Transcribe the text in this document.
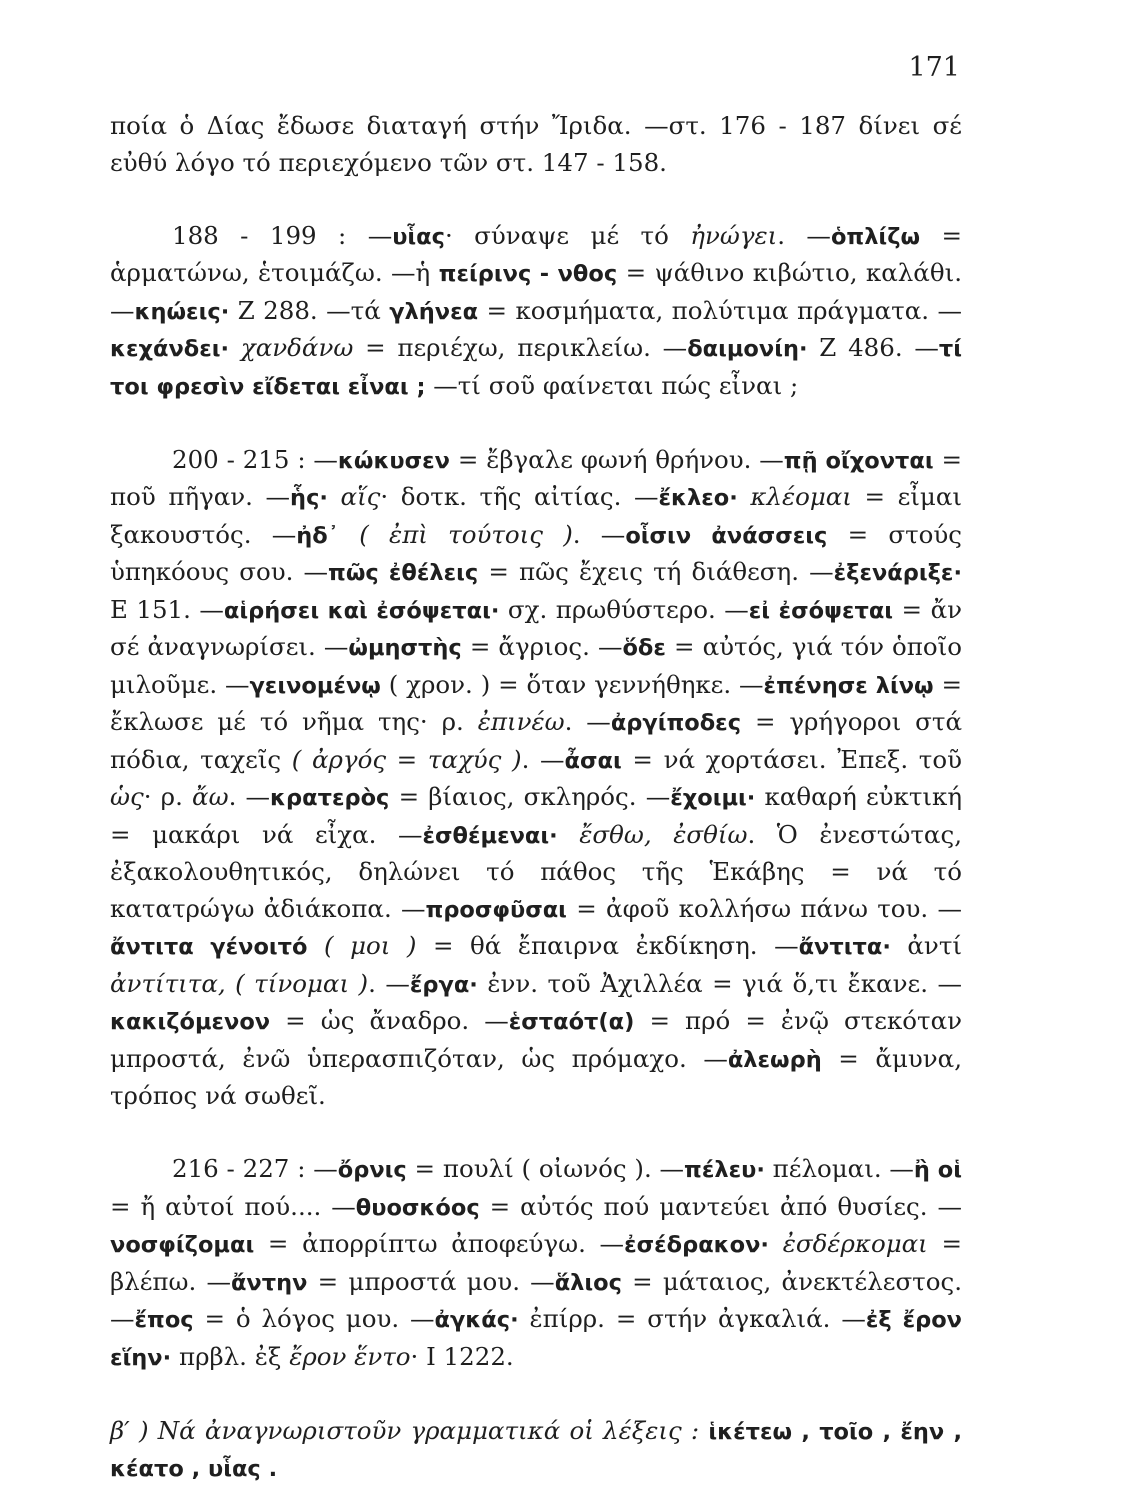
171

ποία ὁ Δίας ἔδωσε διαταγή στήν Ἴριδα. —στ. 176 - 187 δίνει σέ εὐθύ λόγο τό περιεχόμενο τῶν στ. 147 - 158.

188 - 199 : —υἷας· σύναψε μέ τό ἠνώγει. —ὁπλίζω = ἁρματώνω, ἑτοιμάζω. —ἡ πείρινς - νθος = ψάθινο κιβώτιο, καλάθι. —κηώεις· Ζ 288. —τά γλήνεα = κοσμήματα, πολύτιμα πράγματα. —κεχάνδει· χανδάνω = περιέχω, περικλείω. —δαιμονίη· Ζ 486. —τί τοι φρεσὶν εἴδεται εἶναι ; —τί σοῦ φαίνεται πώς εἶναι ;

200 - 215 : —κώκυσεν = ἔβγαλε φωνή θρήνου. —πῇ οἴχονται = ποῦ πῆγαν. —ἧς· αἵς· δοτκ. τῆς αἰτίας. —ἔκλεο· κλέομαι = εἶμαι ξακουστός. —ἠδ᾽ ( ἐπὶ τούτοις ). —οἷσιν ἀνάσσεις = στούς ὑπηκόους σου. —πῶς ἐθέλεις = πῶς ἔχεις τή διάθεση. —ἐξενάριξε· Ε 151. —αἱρήσει καὶ ἐσόψεται· σχ. πρωθύστερο. —εἰ ἐσόψεται = ἄν σέ ἀναγνωρίσει. —ὠμηστὴς = ἄγριος. —ὅδε = αὐτός, γιά τόν ὁποῖο μιλοῦμε. —γεινομένῳ ( χρον. ) = ὅταν γεννήθηκε. —ἐπένησε λίνῳ = ἔκλωσε μέ τό νῆμα της· ρ. ἐπινέω. —ἀργίποδες = γρήγοροι στά πόδια, ταχεῖς ( ἀργός = ταχύς ). —ἆσαι = νά χορτάσει. Ἐπεξ. τοῦ ὡς· ρ. ἄω. —κρατερὸς = βίαιος, σκληρός. —ἔχοιμι· καθαρή εὐκτική = μακάρι νά εἶχα. —ἐσθέμεναι· ἔσθω, ἐσθίω. Ὁ ἐνεστώτας, ἐξακολουθητικός, δηλώνει τό πάθος τῆς Ἑκάβης = νά τό κατατρώγω ἀδιάκοπα. —προσφῦσαι = ἀφοῦ κολλήσω πάνω του. —ἄντιτα γένοιτό ( μοι ) = θά ἔπαιρνα ἐκδίκηση. —ἄντιτα· ἀντί ἀντίτιτα, ( τίνομαι ). —ἔργα· ἐνν. τοῦ Ἀχιλλέα = γιά ὅ,τι ἔκανε. —κακιζόμενον = ὡς ἄναδρο. —ἑσταότ(α) = πρό = ἐνῷ στεκόταν μπροστά, ἐνῶ ὑπερασπιζόταν, ὡς πρόμαχο. —ἀλεωρὴ = ἄμυνα, τρόπος νά σωθεῖ.

216 - 227 : —ὄρνις = πουλί ( οἰωνός ). —πέλευ· πέλομαι. —ἢ οἱ = ἤ αὐτοί πού.... —θυοσκόος = αὐτός πού μαντεύει ἀπό θυσίες. —νοσφίζομαι = ἀπορρίπτω ἀποφεύγω. —ἐσέδρακον· ἐσδέρκομαι = βλέπω. —ἄντην = μπροστά μου. —ἅλιος = μάταιος, ἀνεκτέλεστος. —ἔπος = ὁ λόγος μου. —ἀγκάς· ἐπίρρ. = στήν ἀγκαλιά. —ἐξ ἔρον εἵην· πρβλ. ἐξ ἔρον ἕντο· Ι 1222.

β′ ) Νά ἀναγνωριστοῦν γραμματικά οἱ λέξεις : ἱκέτεω , τοῖο , ἔην , κέατο , υἷας .
